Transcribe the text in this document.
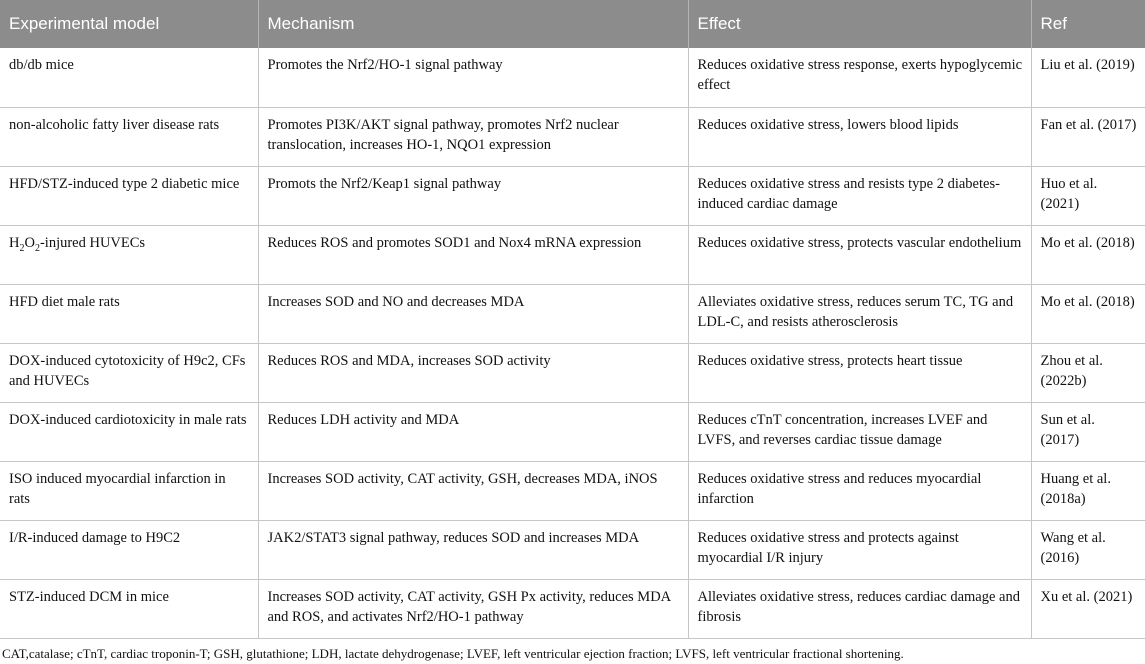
Experimental model	Mechanism	Effect	Ref
db/db mice	Promotes the Nrf2/HO-1 signal pathway	Reduces oxidative stress response, exerts hypoglycemic effect	Liu et al. (2019)
non-alcoholic fatty liver disease rats	Promotes PI3K/AKT signal pathway, promotes Nrf2 nuclear translocation, increases HO-1, NQO1 expression	Reduces oxidative stress, lowers blood lipids	Fan et al. (2017)
HFD/STZ-induced type 2 diabetic mice	Promots the Nrf2/Keap1 signal pathway	Reduces oxidative stress and resists type 2 diabetes-induced cardiac damage	Huo et al. (2021)
$H_2O_2$-injured HUVECs	Reduces ROS and promotes SOD1 and Nox4 mRNA expression	Reduces oxidative stress, protects vascular endothelium	Mo et al. (2018)
HFD diet male rats	Increases SOD and NO and decreases MDA	Alleviates oxidative stress, reduces serum TC, TG and LDL-C, and resists atherosclerosis	Mo et al. (2018)
DOX-induced cytotoxicity of H9c2, CFs and HUVECs	Reduces ROS and MDA, increases SOD activity	Reduces oxidative stress, protects heart tissue	Zhou et al. (2022b)
DOX-induced cardiotoxicity in male rats	Reduces LDH activity and MDA	Reduces cTnT concentration, increases LVEF and LVFS, and reverses cardiac tissue damage	Sun et al. (2017)
ISO induced myocardial infarction in rats	Increases SOD activity, CAT activity, GSH, decreases MDA, iNOS	Reduces oxidative stress and reduces myocardial infarction	Huang et al. (2018a)
I/R-induced damage to H9C2	JAK2/STAT3 signal pathway, reduces SOD and increases MDA	Reduces oxidative stress and protects against myocardial I/R injury	Wang et al. (2016)
STZ-induced DCM in mice	Increases SOD activity, CAT activity, GSH Px activity, reduces MDA and ROS, and activates Nrf2/HO-1 pathway	Alleviates oxidative stress, reduces cardiac damage and fibrosis	Xu et al. (2021)
CAT,catalase; cTnT, cardiac troponin-T; GSH, glutathione; LDH, lactate dehydrogenase; LVEF, left ventricular ejection fraction; LVFS, left ventricular fractional shortening.
